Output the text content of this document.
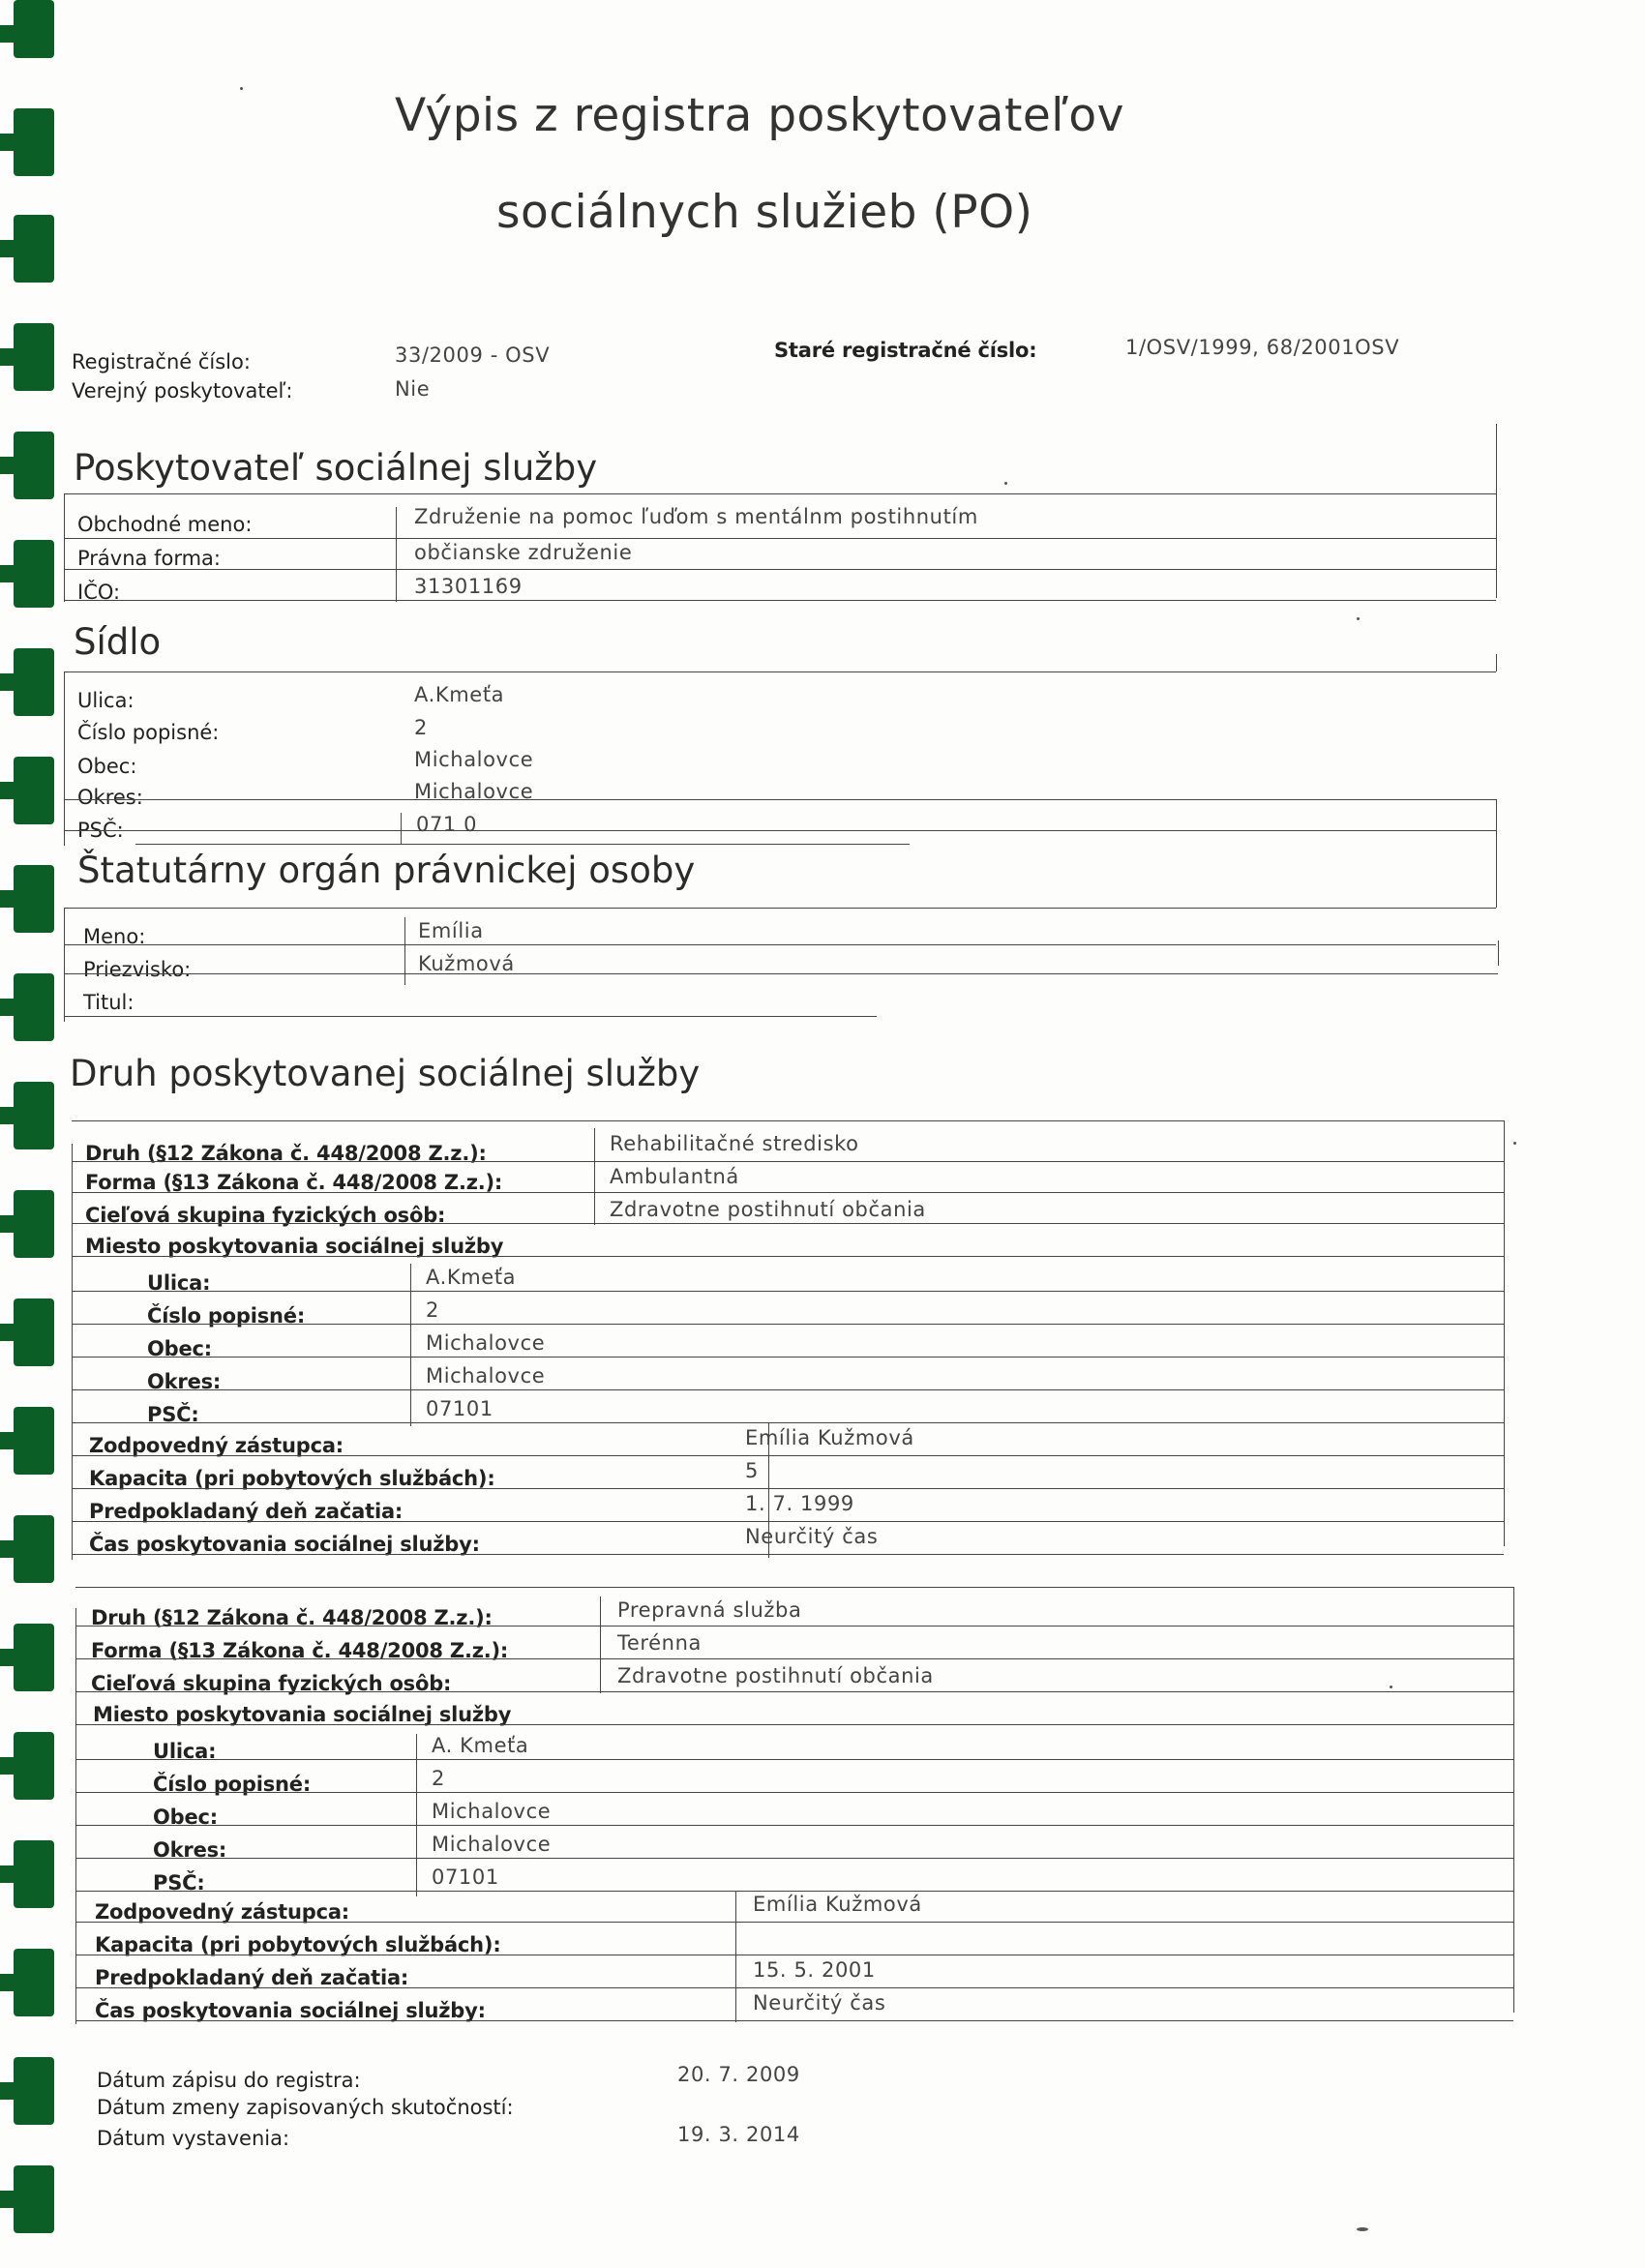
Výpis z registra poskytovateľov
sociálnych služieb (PO)
Registračné číslo:	33/2009 - OSV
Verejný poskytovateľ:	Nie
Staré registračné číslo:	1/OSV/1999, 68/2001OSV
Poskytovateľ sociálnej služby
Obchodné meno:	Združenie na pomoc ľuďom s mentálnm postihnutím
Právna forma:	občianske združenie
IČO:	31301169
Sídlo
Ulica:	A.Kmeťa
Číslo popisné:	2
Obec:	Michalovce
Okres:	Michalovce
PSČ:	071 0
Štatutárny orgán právnickej osoby
Meno:	Emília
Priezvisko:	Kužmová
Titul:
Druh poskytovanej sociálnej služby
Druh (§12 Zákona č. 448/2008 Z.z.):	Rehabilitačné stredisko
Forma (§13 Zákona č. 448/2008 Z.z.):	Ambulantná
Cieľová skupina fyzických osôb:	Zdravotne postihnutí občania
Miesto poskytovania sociálnej služby
Ulica:	A.Kmeťa
Číslo popisné:	2
Obec:	Michalovce
Okres:	Michalovce
PSČ:	07101
Zodpovedný zástupca:	Emília Kužmová
Kapacita (pri pobytových službách):	5
Predpokladaný deň začatia:	1. 7. 1999
Čas poskytovania sociálnej služby:	Neurčitý čas
Druh (§12 Zákona č. 448/2008 Z.z.):	Prepravná služba
Forma (§13 Zákona č. 448/2008 Z.z.):	Terénna
Cieľová skupina fyzických osôb:	Zdravotne postihnutí občania
Miesto poskytovania sociálnej služby
Ulica:	A. Kmeťa
Číslo popisné:	2
Obec:	Michalovce
Okres:	Michalovce
PSČ:	07101
Zodpovedný zástupca:	Emília Kužmová
Kapacita (pri pobytových službách):
Predpokladaný deň začatia:	15. 5. 2001
Čas poskytovania sociálnej služby:	Neurčitý čas
Dátum zápisu do registra:	20. 7. 2009
Dátum zmeny zapisovaných skutočností:
Dátum vystavenia:	19. 3. 2014
